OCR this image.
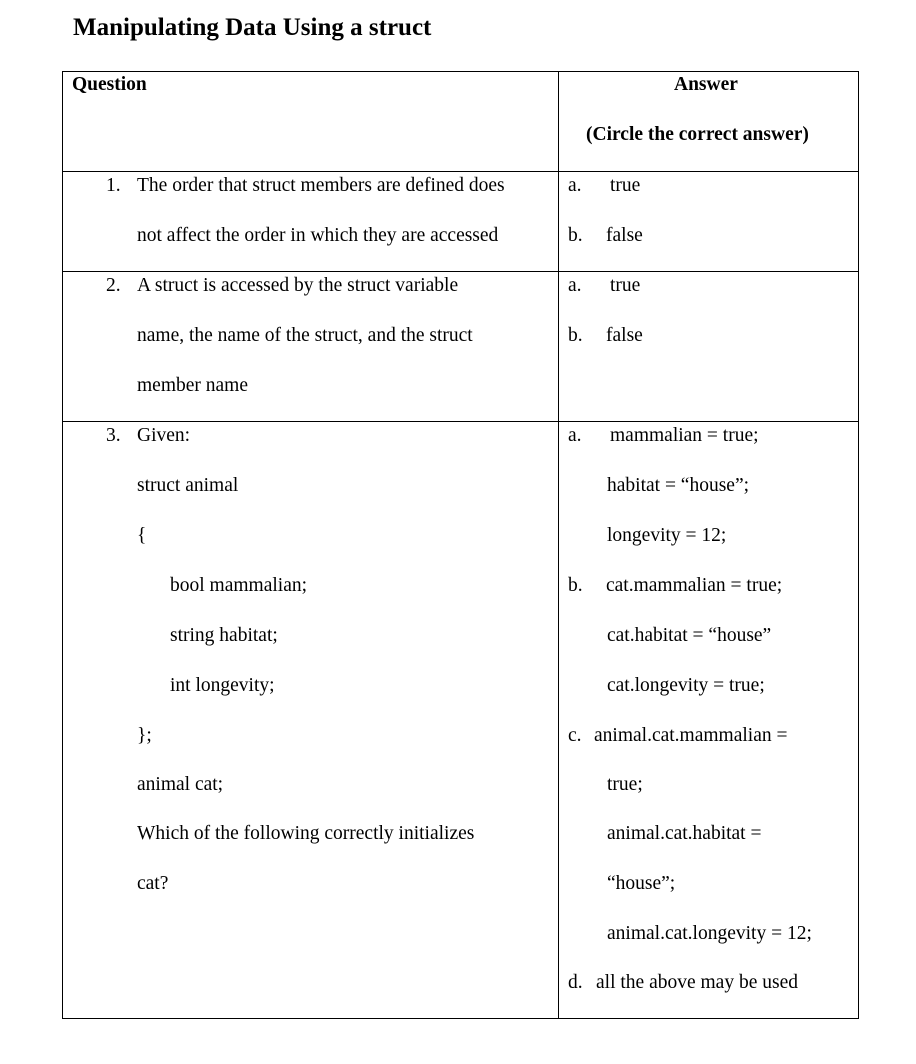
Manipulating Data Using a struct
Question	Answer
(Circle the correct answer)
1. The order that struct members are defined does
not affect the order in which they are accessed
a. true
b. false
2. A struct is accessed by the struct variable
name, the name of the struct, and the struct
member name
a. true
b. false
3. Given:
struct animal
{
bool mammalian;
string habitat;
int longevity;
};
animal cat;
Which of the following correctly initializes
cat?
a. mammalian = true;
habitat = “house”;
longevity = 12;
b. cat.mammalian = true;
cat.habitat = “house”
cat.longevity = true;
c. animal.cat.mammalian =
true;
animal.cat.habitat =
“house”;
animal.cat.longevity = 12;
d. all the above may be used
